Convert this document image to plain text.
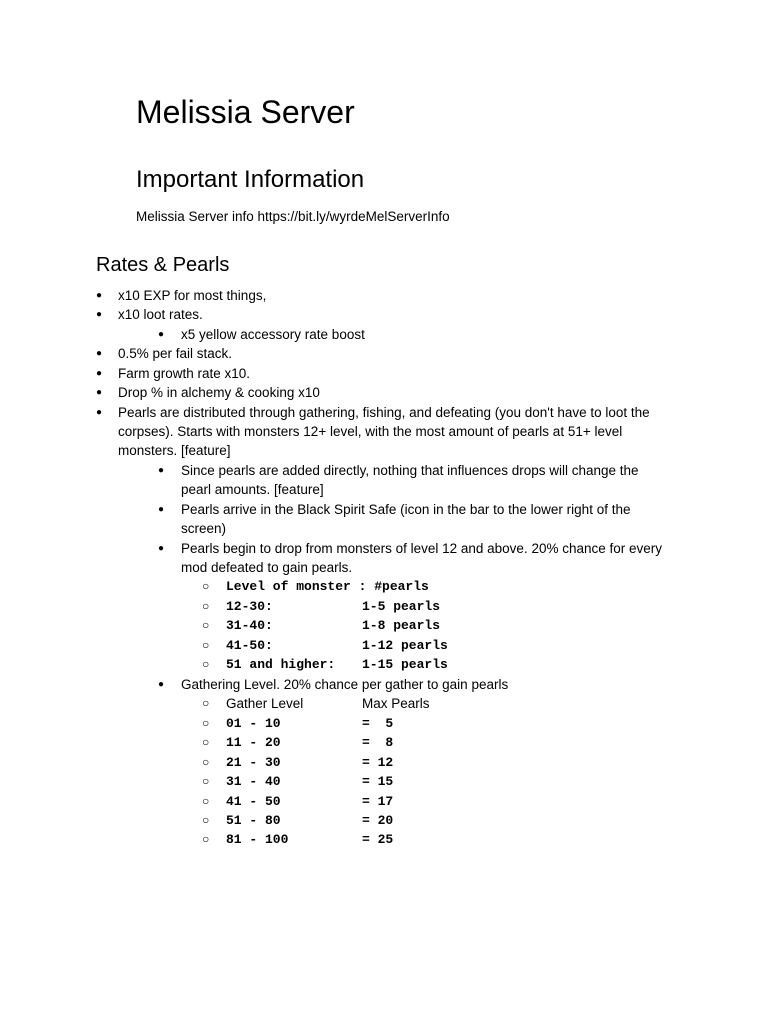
Melissia Server
Important Information
Melissia Server info https://bit.ly/wyrdeMelServerInfo
Rates & Pearls
● x10 EXP for most things,
● x10 loot rates.
● x5 yellow accessory rate boost
● 0.5% per fail stack.
● Farm growth rate x10.
● Drop % in alchemy & cooking x10
● Pearls are distributed through gathering, fishing, and defeating (you don't have to loot the
corpses). Starts with monsters 12+ level, with the most amount of pearls at 51+ level
monsters. [feature]
● Since pearls are added directly, nothing that influences drops will change the
pearl amounts. [feature]
● Pearls arrive in the Black Spirit Safe (icon in the bar to the lower right of the
screen)
● Pearls begin to drop from monsters of level 12 and above. 20% chance for every
mod defeated to gain pearls.
○ Level of monster : #pearls
○ 12-30:	1-5 pearls
○ 31-40:	1-8 pearls
○ 41-50:	1-12 pearls
○ 51 and higher: 1-15 pearls
● Gathering Level. 20% chance per gather to gain pearls
○ Gather Level	Max Pearls
○ 01 - 10	=  5
○ 11 - 20	=  8
○ 21 - 30	= 12
○ 31 - 40	= 15
○ 41 - 50	= 17
○ 51 - 80	= 20
○ 81 - 100	= 25
